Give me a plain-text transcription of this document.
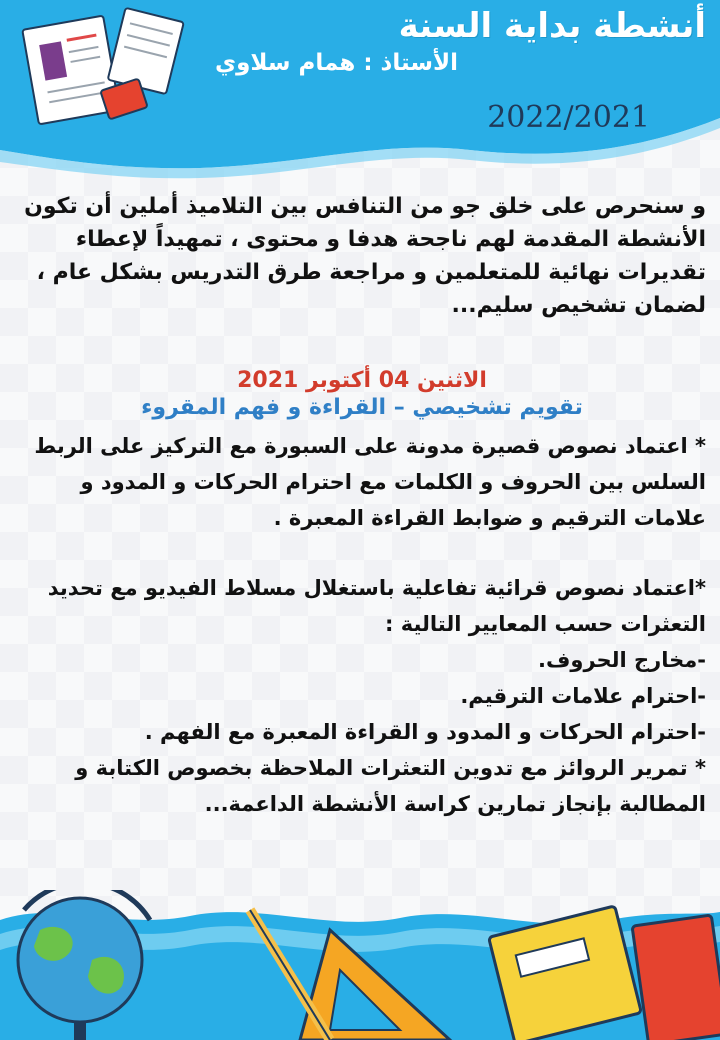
أنشطة بداية السنة
الأستاذ : همام سلاوي
2022/2021

و سنحرص على خلق جو من التنافس بين التلاميذ أملين أن تكون الأنشطة المقدمة لهم ناجحة هدفا و محتوى ، تمهيداً لإعطاء تقديرات نهائية للمتعلمين و مراجعة طرق التدريس بشكل عام ، لضمان تشخيص سليم...

الاثنين 04 أكتوبر 2021
تقويم تشخيصي – القراءة و فهم المقروء

* اعتماد نصوص قصيرة مدونة على السبورة مع التركيز على الربط السلس بين الحروف و الكلمات مع احترام الحركات و المدود و علامات الترقيم و ضوابط القراءة المعبرة .

*اعتماد نصوص قرائية تفاعلية باستغلال مسلاط الفيديو مع تحديد التعثرات حسب المعايير التالية :

-مخارج الحروف.
-احترام علامات الترقيم.
-احترام الحركات و المدود و القراءة المعبرة مع الفهم .

* تمرير الروائز مع تدوين التعثرات الملاحظة بخصوص الكتابة و المطالبة بإنجاز تمارين كراسة الأنشطة الداعمة...
